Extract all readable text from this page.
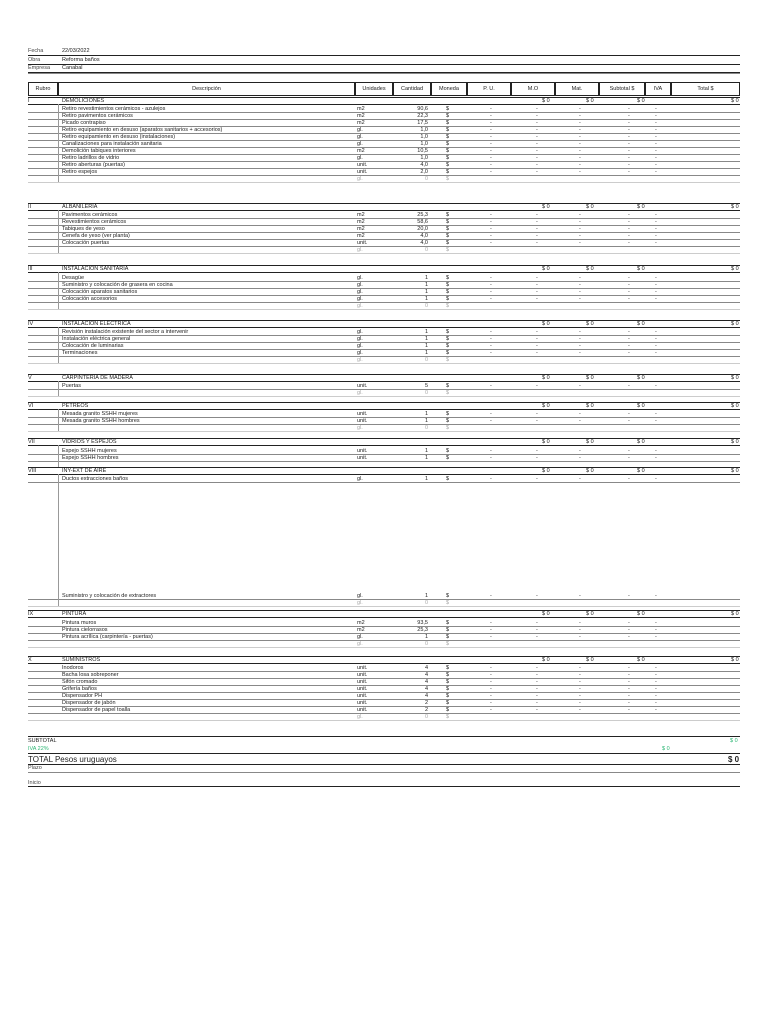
Fecha	22/03/2022
Obra	Reforma baños
Empresa Canabal
Rubro	Descripción	Unidades	Cantidad	Moneda	P. U.	M.O	Mat.	Subtotal $	IVA	Total $
I	DEMOLICIONES	$ 0	$ 0	$ 0	$ 0
Retiro revestimientos cerámicos - azulejos	m2	90,6	$	-	-	-	-	-
Retiro pavimentos cerámicos	m2	22,3	$	-	-	-	-	-
Picado contrapiso	m2	17,5	$	-	-	-	-	-
Retiro equipamiento en desuso (aparatos sanitarios + accesorios)	gl.	1,0	$	-	-	-	-	-
Retiro equipamiento en desuso (instalaciones)	gl.	1,0	$	-	-	-	-	-
Canalizaciones para instalación sanitaria	gl.	1,0	$	-	-	-	-	-
Demolición tabiques interiores	m2	10,5	$	-	-	-	-	-
Retiro ladrillos de vidrio	gl.	1,0	$	-	-	-	-	-
Retiro aberturas (puertas)	unit.	4,0	$	-	-	-	-	-
Retiro espejos	unit.	2,0	$	-	-	-	-	-
gl.	0	$
II	ALBAÑILERIA	$ 0	$ 0	$ 0	$ 0
Pavimentos cerámicos	m2	25,3	$	-	-	-	-	-
Revestimientos cerámicos	m2	58,6	$	-	-	-	-	-
Tabiques de yeso	m2	20,0	$	-	-	-	-	-
Cenefa de yeso (ver planta)	m2	4,0	$	-	-	-	-	-
Colocación puertas	unit.	4,0	$	-	-	-	-	-
gl.	0	$
III	INSTALACIÓN SANITARIA	$ 0	$ 0	$ 0	$ 0
Desagüe	gl.	1	$	-	-	-	-	-
Suministro y colocación de grasera en cocina	gl.	1	$	-	-	-	-	-
Colocación aparatos sanitarios	gl.	1	$	-	-	-	-	-
Colocación accesorios	gl.	1	$	-	-	-	-	-
gl.	0	$
IV	INSTALACIÓN ELÉCTRICA	$ 0	$ 0	$ 0	$ 0
Revisión instalación existente del sector a intervenir	gl.	1	$	-	-	-	-	-
Instalación eléctrica general	gl.	1	$	-	-	-	-	-
Colocación de luminarias	gl.	1	$	-	-	-	-	-
Terminaciones	gl.	1	$	-	-	-	-	-
gl.	0	$
V	CARPINTERÍA DE MADERA	$ 0	$ 0	$ 0	$ 0
Puertas	unit.	5	$	-	-	-	-	-
gl.	0	$
VI	PETREOS	$ 0	$ 0	$ 0	$ 0
Mesada granito SSHH mujeres	unit.	1	$	-	-	-	-	-
Mesada granito SSHH hombres	unit.	1	$	-	-	-	-	-
gl.	0	$
VII	VIDRIOS Y ESPEJOS	$ 0	$ 0	$ 0	$ 0
Espejo SSHH mujeres	unit.	1	$	-	-	-	-	-
Espejo SSHH hombres	unit.	1	$	-	-	-	-	-
VIII	INY-EXT DE AIRE	$ 0	$ 0	$ 0	$ 0
Ductos extracciones baños	gl.	1	$	-	-	-	-	-
Suministro y colocación de extractores	gl.	1	$	-	-	-	-	-
gl.	0	$
IX	PINTURA	$ 0	$ 0	$ 0	$ 0
Pintura muros	m2	93,5	$	-	-	-	-	-
Pintura cielorrasos	m2	25,3	$	-	-	-	-	-
Pintura acrílica (carpintería - puertas)	gl.	1	$	-	-	-	-	-
gl.	0	$
X	SUMINISTROS	$ 0	$ 0	$ 0	$ 0
Inodoros	unit.	4	$	-	-	-	-	-
Bacha losa sobreponer	unit.	4	$	-	-	-	-	-
Sifón cromado	unit.	4	$	-	-	-	-	-
Grifería baños	unit.	4	$	-	-	-	-	-
Dispensador PH	unit.	4	$	-	-	-	-	-
Dispensador de jabón	unit.	2	$	-	-	-	-	-
Dispensador de papel toalla	unit.	2	$	-	-	-	-	-
gl.	0	$
SUBTOTAL	$ 0
IVA 22%	$ 0
TOTAL Pesos uruguayos	$ 0
Plazo
Inicio
